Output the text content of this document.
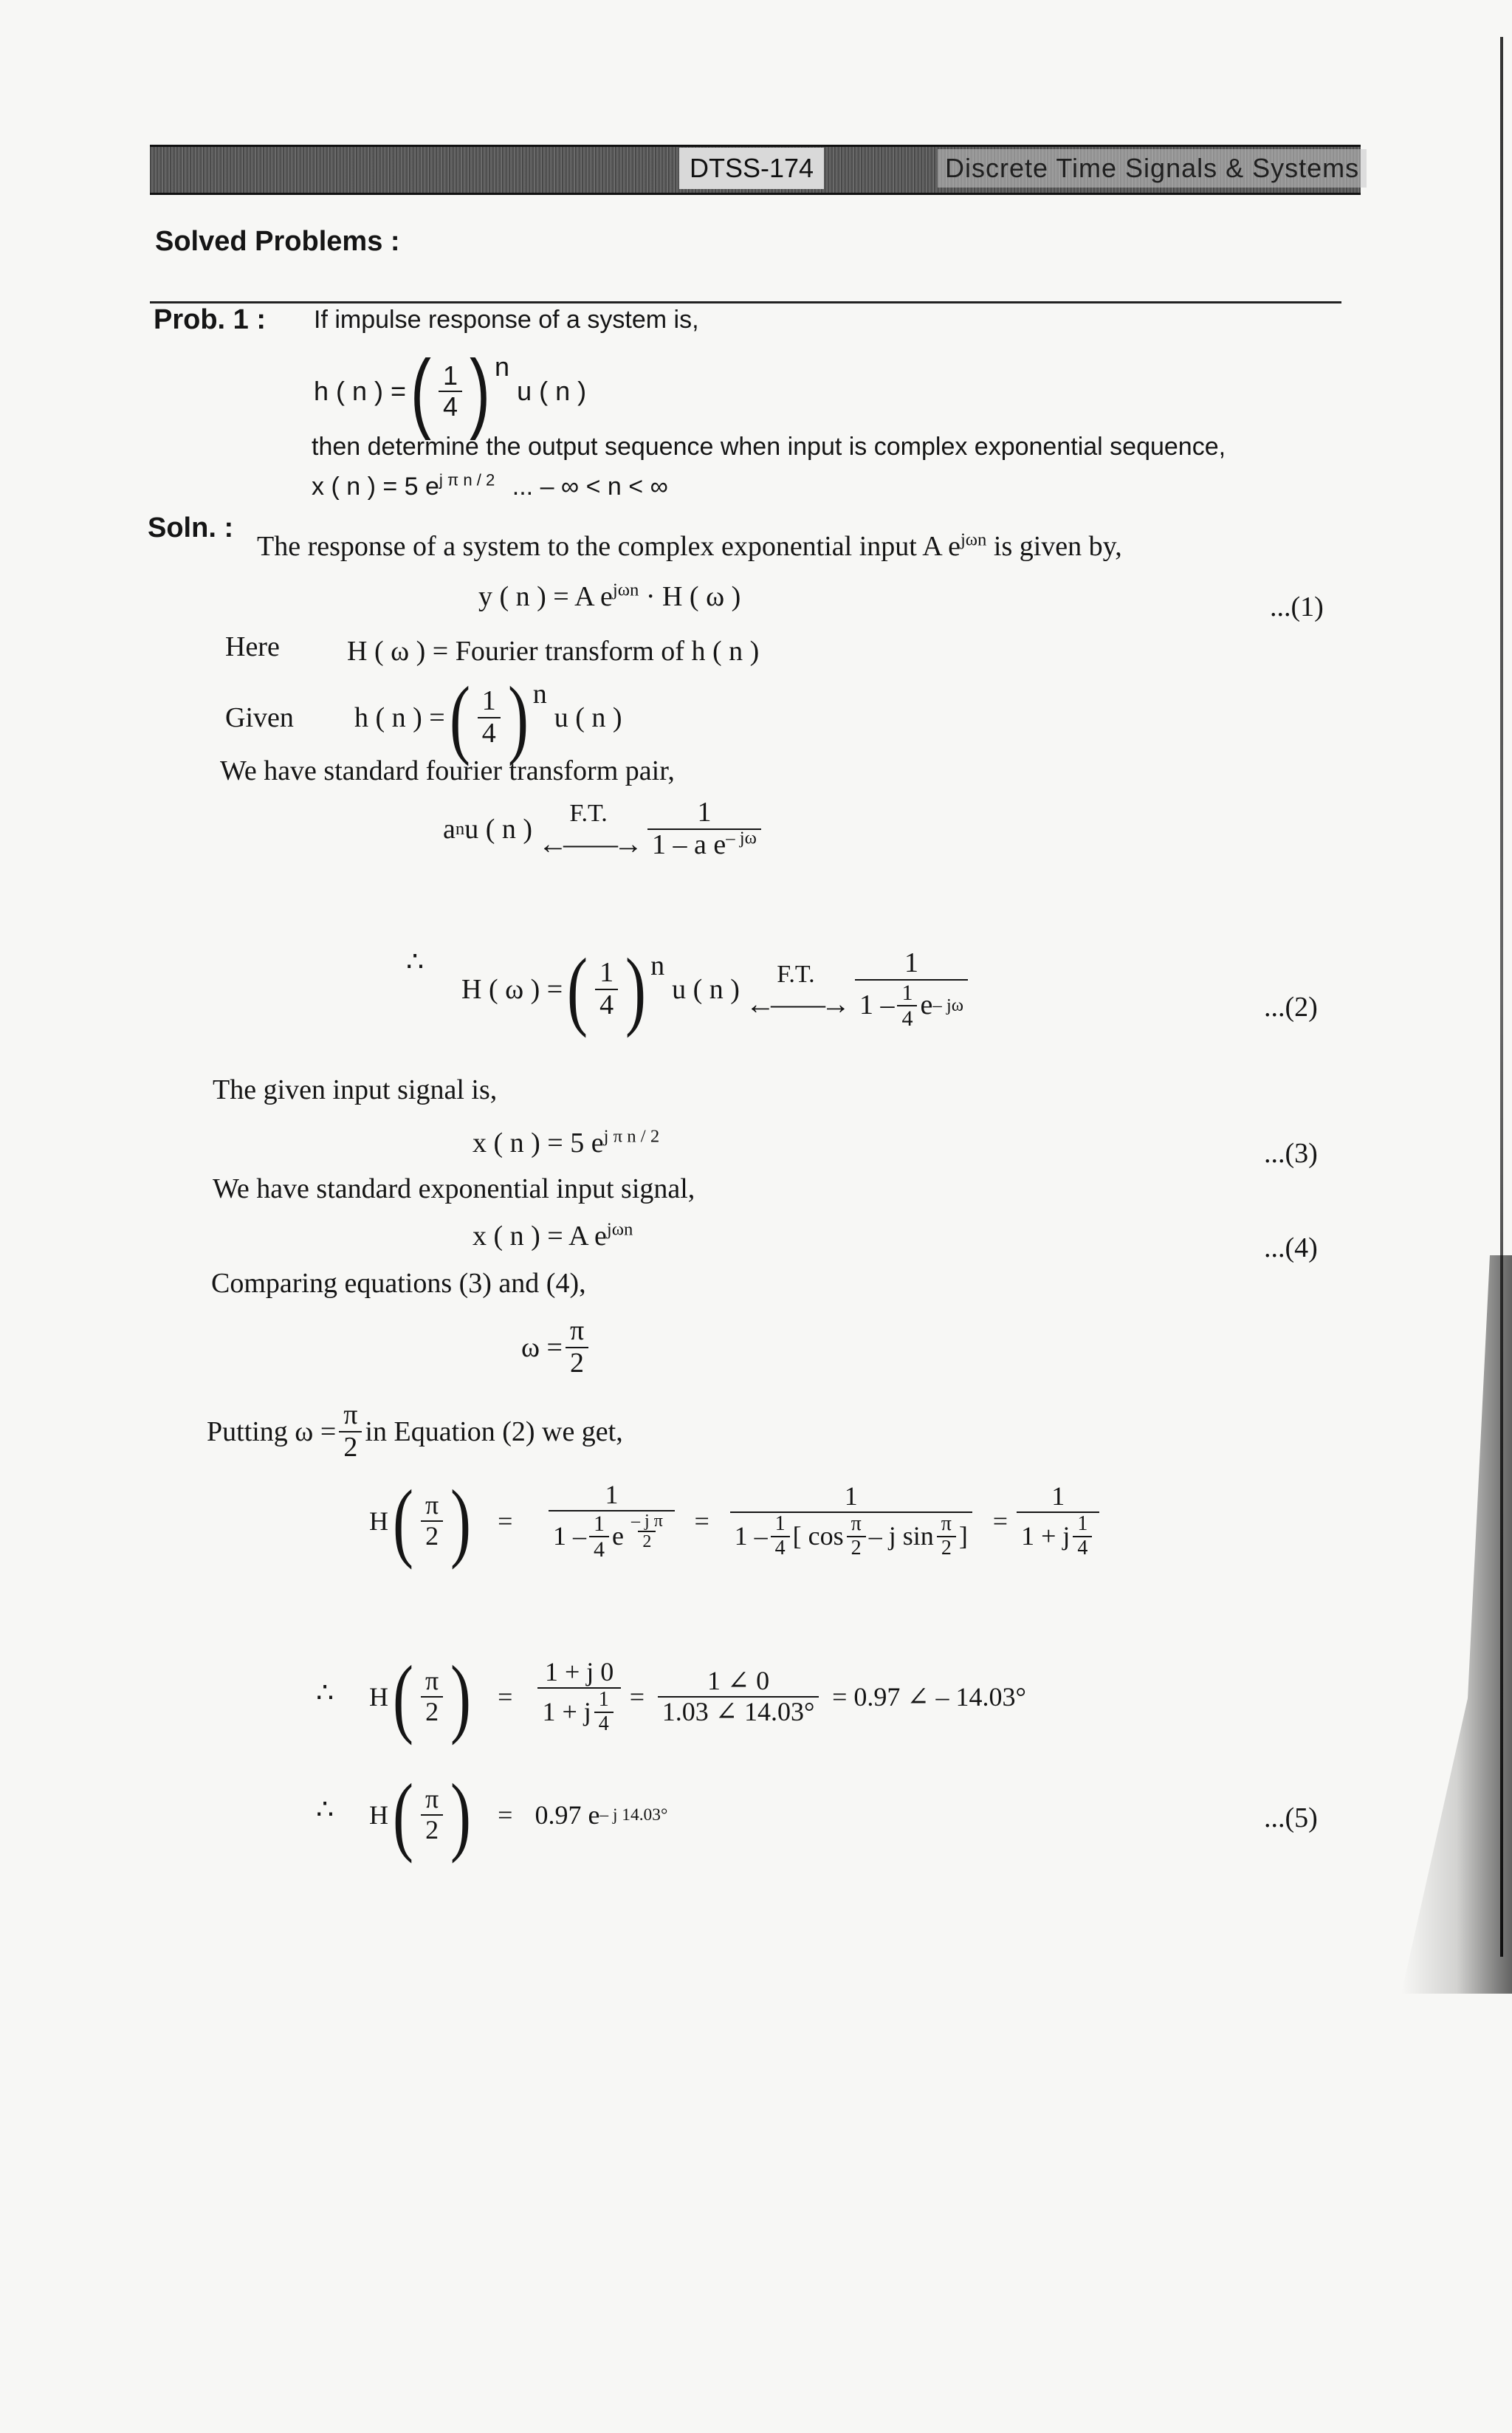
DTSS-174	Discrete Time Signals & Systems
Solved Problems :
Prob. 1 : If impulse response of a system is,
h ( n ) = ( $\frac{1}{4}$ ) n
u ( n )
then determine the output sequence when input is complex exponential sequence,
x ( n ) = 5 $e^{j \pi n / 2}$ ... – ∞ < n < ∞
Soln. :
The response of a system to the complex exponential input A $e^{j\omega n}$ is given by,
y ( n ) = A $e^{j\omega n} \cdot H$ ( ω )	...(1)
Here H ( ω ) = Fourier transform of h ( n )
Given h ( n ) = ( $\frac{1}{4}$ ) n
u ( n )
We have standard fourier transform pair,
a n u ( n ) F.T.
←——→ $\frac{1}{1 - a e^{- j\omega}}$
∴
H ( ω ) = ( $\frac{1}{4}$ ) n
u ( n ) F.T.
←——→ $\frac{1}{1 - \frac{1}{4} e - j\omega}$	...(2)
The given input signal is,
x ( n ) = 5 $e^{j \pi n / 2}$
...(3)
We have standard exponential input signal,
x ( n ) = A $e^{j\omega n}$
...(4)
Comparing equations (3) and (4),
$\omega = \frac{\pi}{2}$
Putting $\omega = \frac{\pi}{2}$ in Equation (2) we get,
H ( $\frac{\pi}{2}$ ) = $\frac{1}{1 - \frac{1}{4} e \frac{\text{– j π}}{2}}$ =
1
$1 - \frac{1}{4}$ [ $\cos \frac{\pi}{2}$ – j $\sin \frac{\pi}{2}$ ] = $\frac{1}{1 + j \frac{1}{4}}$
∴ H ( $\frac{\pi}{2}$ ) = $\frac{1 + j 0}{1 + j \frac{1}{4}} = \frac{1 \angle 0}{1.03 \angle 14.03^\circ} = 0.97$ ∠ – 14.03°
∴ H ( $\frac{\pi}{2}$ ) = 0.97 e – j 14.03°	...(5)
